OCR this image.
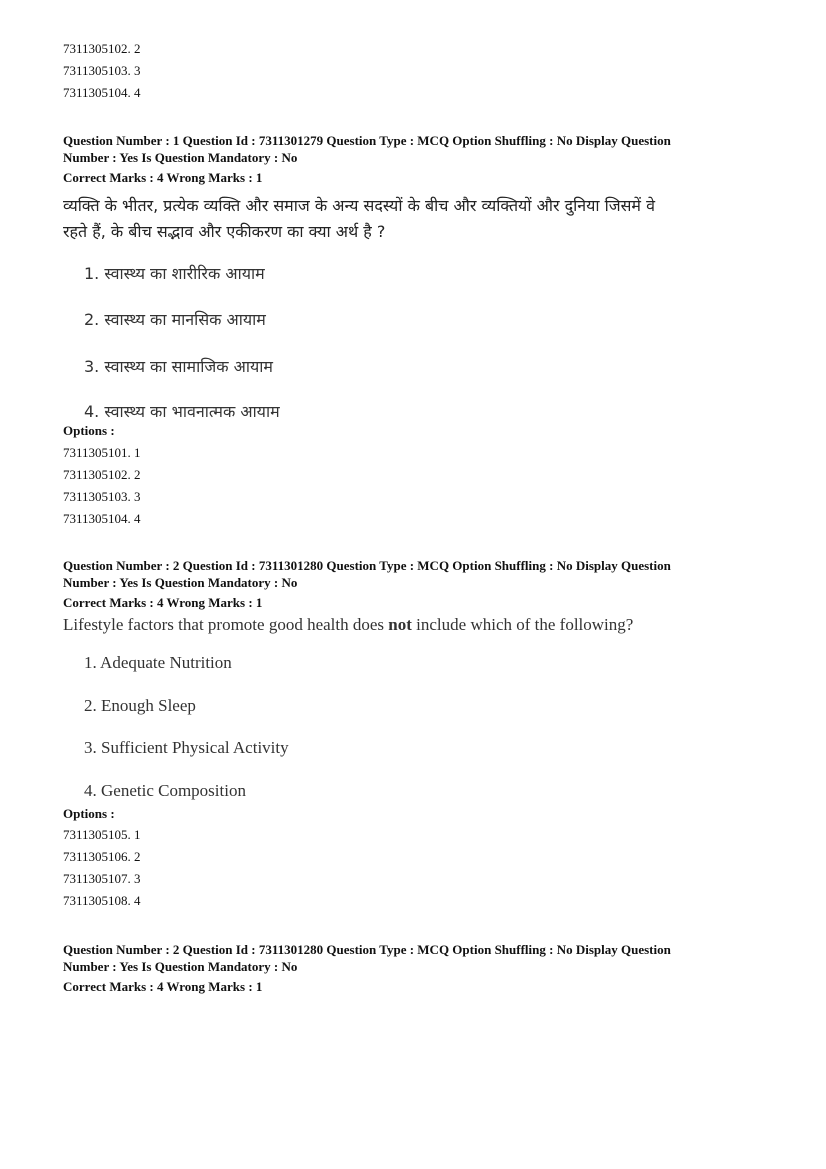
7311305102. 2
7311305103. 3
7311305104. 4
Question Number : 1 Question Id : 7311301279 Question Type : MCQ Option Shuffling : No Display Question
Number : Yes Is Question Mandatory : No
Correct Marks : 4 Wrong Marks : 1
व्यक्ति के भीतर, प्रत्येक व्यक्ति और समाज के अन्य सदस्यों के बीच और व्यक्तियों और दुनिया जिसमें वे
रहते हैं, के बीच सद्भाव और एकीकरण का क्या अर्थ है ?
1. स्वास्थ्य का शारीरिक आयाम
2. स्वास्थ्य का मानसिक आयाम
3. स्वास्थ्य का सामाजिक आयाम
4. स्वास्थ्य का भावनात्मक आयाम
Options :
7311305101. 1
7311305102. 2
7311305103. 3
7311305104. 4
Question Number : 2 Question Id : 7311301280 Question Type : MCQ Option Shuffling : No Display Question
Number : Yes Is Question Mandatory : No
Correct Marks : 4 Wrong Marks : 1
Lifestyle factors that promote good health does not include which of the following?
1. Adequate Nutrition
2. Enough Sleep
3. Sufficient Physical Activity
4. Genetic Composition
Options :
7311305105. 1
7311305106. 2
7311305107. 3
7311305108. 4
Question Number : 2 Question Id : 7311301280 Question Type : MCQ Option Shuffling : No Display Question
Number : Yes Is Question Mandatory : No
Correct Marks : 4 Wrong Marks : 1
